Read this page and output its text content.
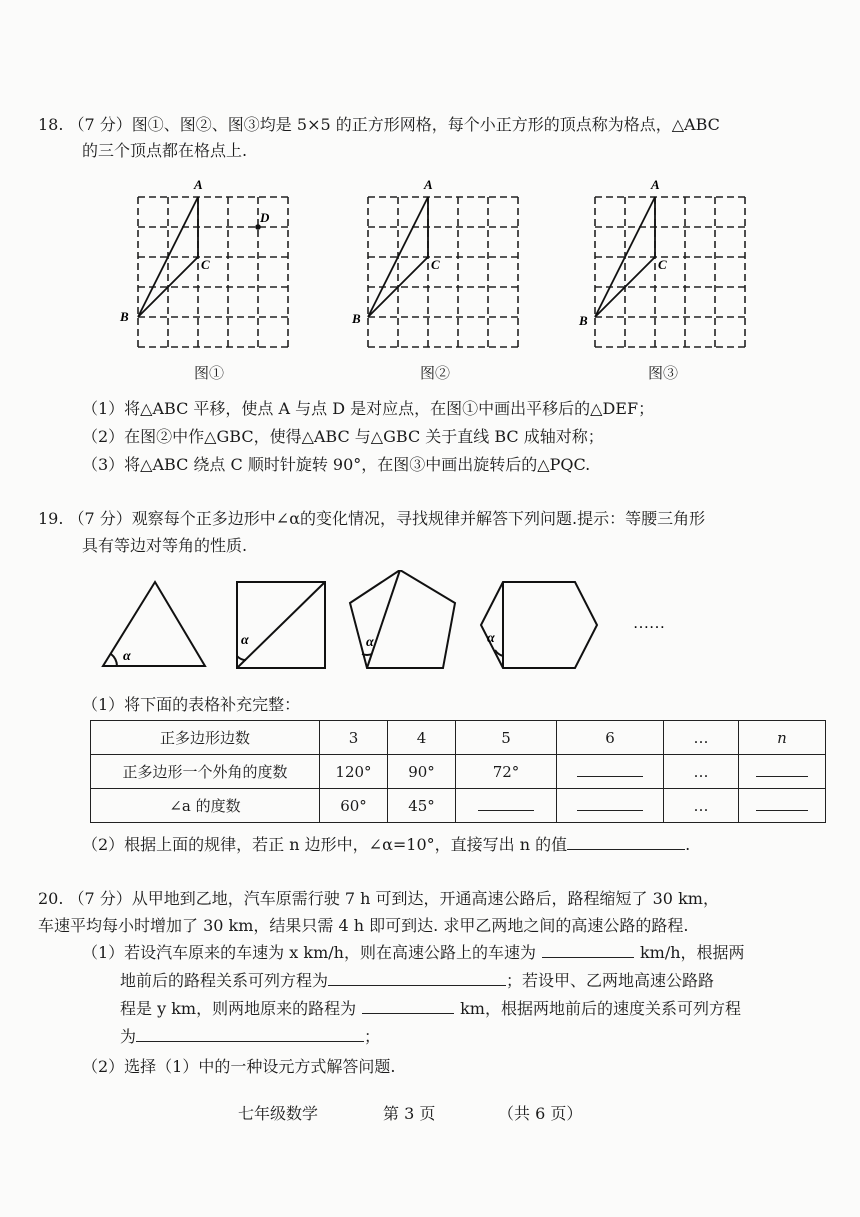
18. （7 分）图①、图②、图③均是 5×5 的正方形网格，每个小正方形的顶点称为格点，△ABC
的三个顶点都在格点上.
A
B
C
D
A
B
C
A
B
C
图①	图②	图③
（1）将△ABC 平移，使点 A 与点 D 是对应点，在图①中画出平移后的△DEF；
（2）在图②中作△GBC，使得△ABC 与△GBC 关于直线 BC 成轴对称；
（3）将△ABC 绕点 C 顺时针旋转 90°，在图③中画出旋转后的△PQC.
19. （7 分）观察每个正多边形中∠α的变化情况，寻找规律并解答下列问题.提示：等腰三角形
具有等边对等角的性质.
α
α	α	α
……
（1）将下面的表格补充完整：
正多边形边数	3	4	5	6	…	n
正多边形一个外角的度数	120°	90°	72°		…	
∠a 的度数	60°	45°			…	
（2）根据上面的规律，若正 n 边形中，∠α=10°，直接写出 n 的值	.
20. （7 分）从甲地到乙地，汽车原需行驶 7 h 可到达，开通高速公路后，路程缩短了 30 km，
车速平均每小时增加了 30 km，结果只需 4 h 即可到达. 求甲乙两地之间的高速公路的路程.
（1）若设汽车原来的车速为 x km/h，则在高速公路上的车速为	km/h，根据两
地前后的路程关系可列方程为	；若设甲、乙两地高速公路路
程是 y km，则两地原来的路程为	km，根据两地前后的速度关系可列方程
为	；
（2）选择（1）中的一种设元方式解答问题.
七年级数学	第 3 页	（共 6 页）
